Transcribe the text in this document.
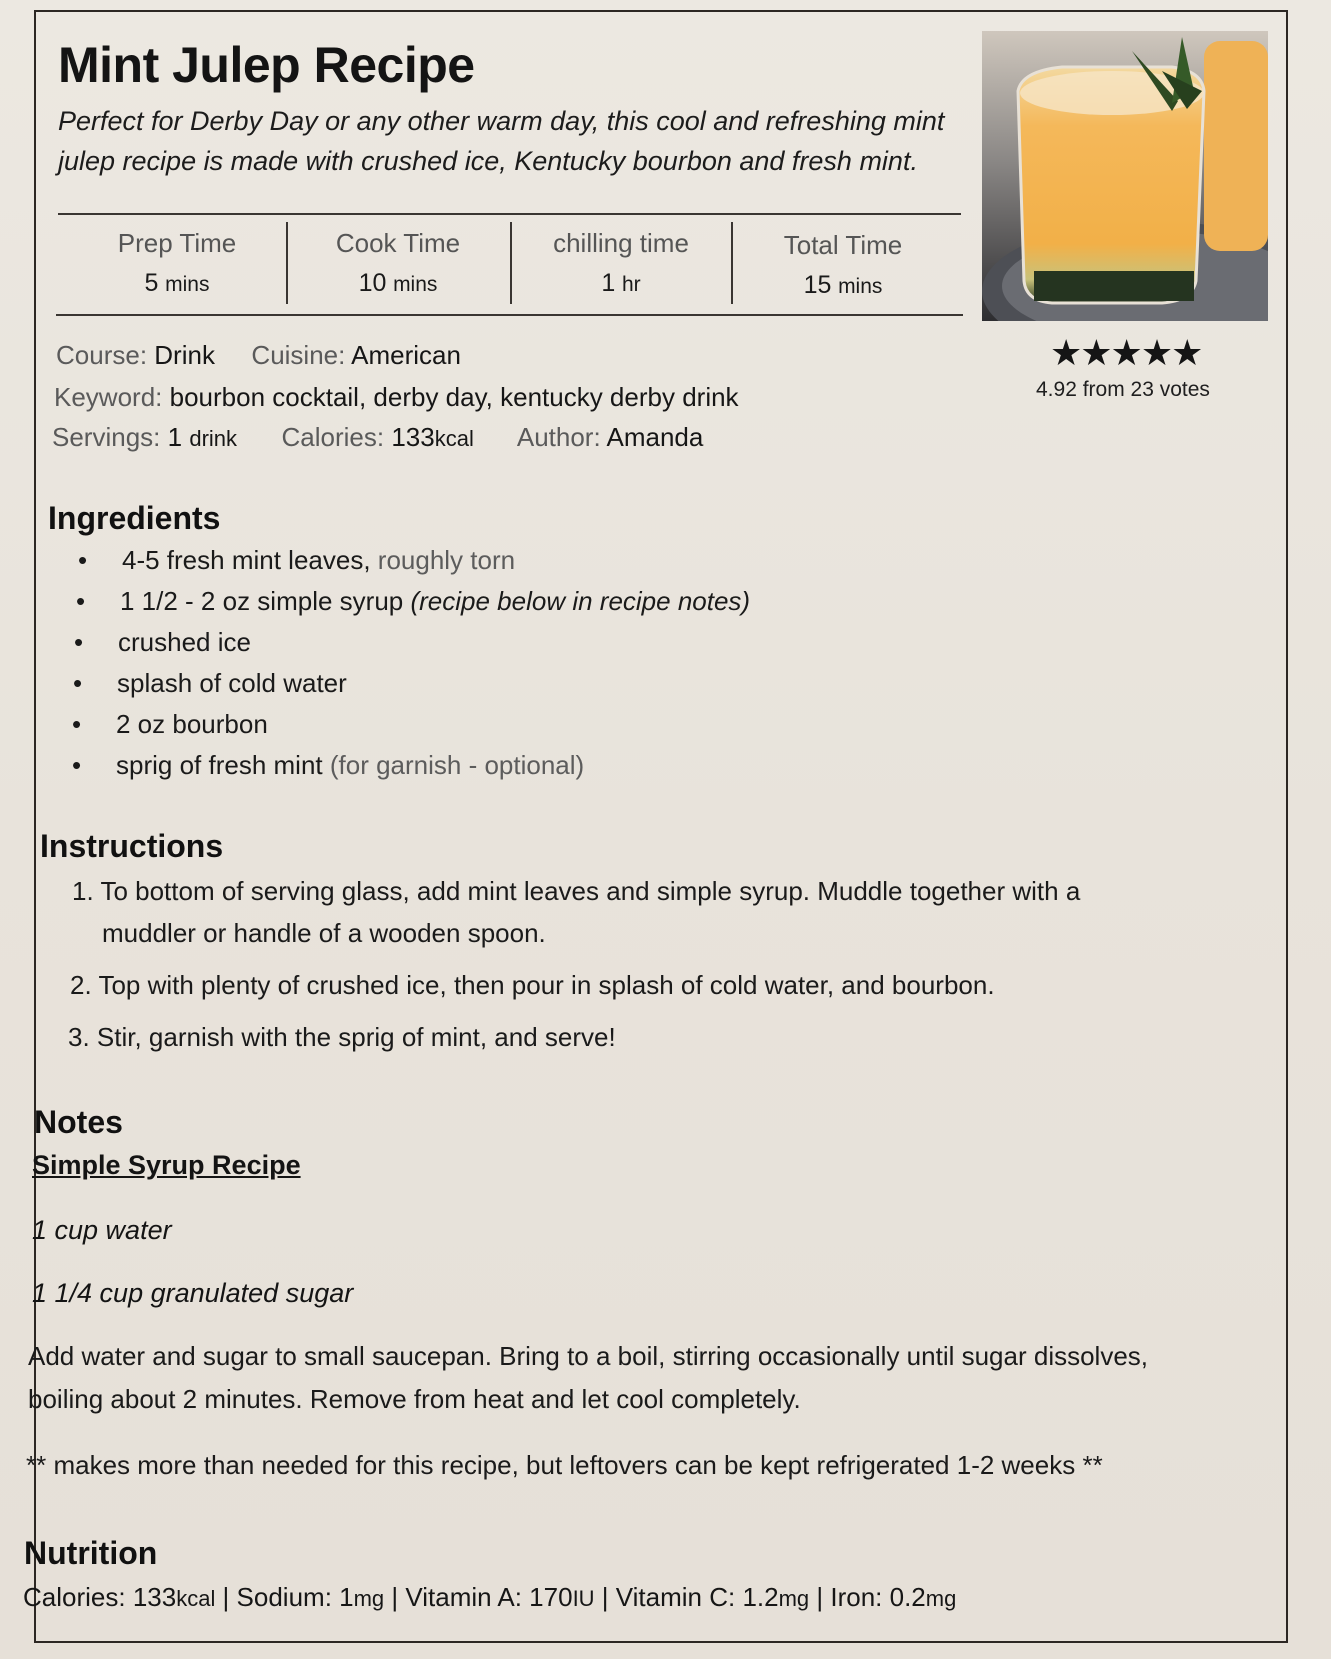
Mint Julep Recipe
Perfect for Derby Day or any other warm day, this cool and refreshing mint
julep recipe is made with crushed ice, Kentucky bourbon and fresh mint.
Prep Time
5 mins
Cook Time
10 mins
chilling time
1 hr
Total Time
15 mins
★★★★★
4.92 from 23 votes
Course: Drink Cuisine: American
Keyword: bourbon cocktail, derby day, kentucky derby drink
Servings: 1 drink Calories: 133kcal Author: Amanda
Ingredients
• 4-5 fresh mint leaves, roughly torn
• 1 1/2 - 2 oz simple syrup (recipe below in recipe notes)
• crushed ice
• splash of cold water
• 2 oz bourbon
• sprig of fresh mint (for garnish - optional)
Instructions
1. To bottom of serving glass, add mint leaves and simple syrup. Muddle together with a
muddler or handle of a wooden spoon.
2. Top with plenty of crushed ice, then pour in splash of cold water, and bourbon.
3. Stir, garnish with the sprig of mint, and serve!
Notes
Simple Syrup Recipe
1 cup water
1 1/4 cup granulated sugar
Add water and sugar to small saucepan. Bring to a boil, stirring occasionally until sugar dissolves,
boiling about 2 minutes. Remove from heat and let cool completely.
** makes more than needed for this recipe, but leftovers can be kept refrigerated 1-2 weeks **
Nutrition
Calories: 133kcal | Sodium: 1mg | Vitamin A: 170IU | Vitamin C: 1.2mg | Iron: 0.2mg
